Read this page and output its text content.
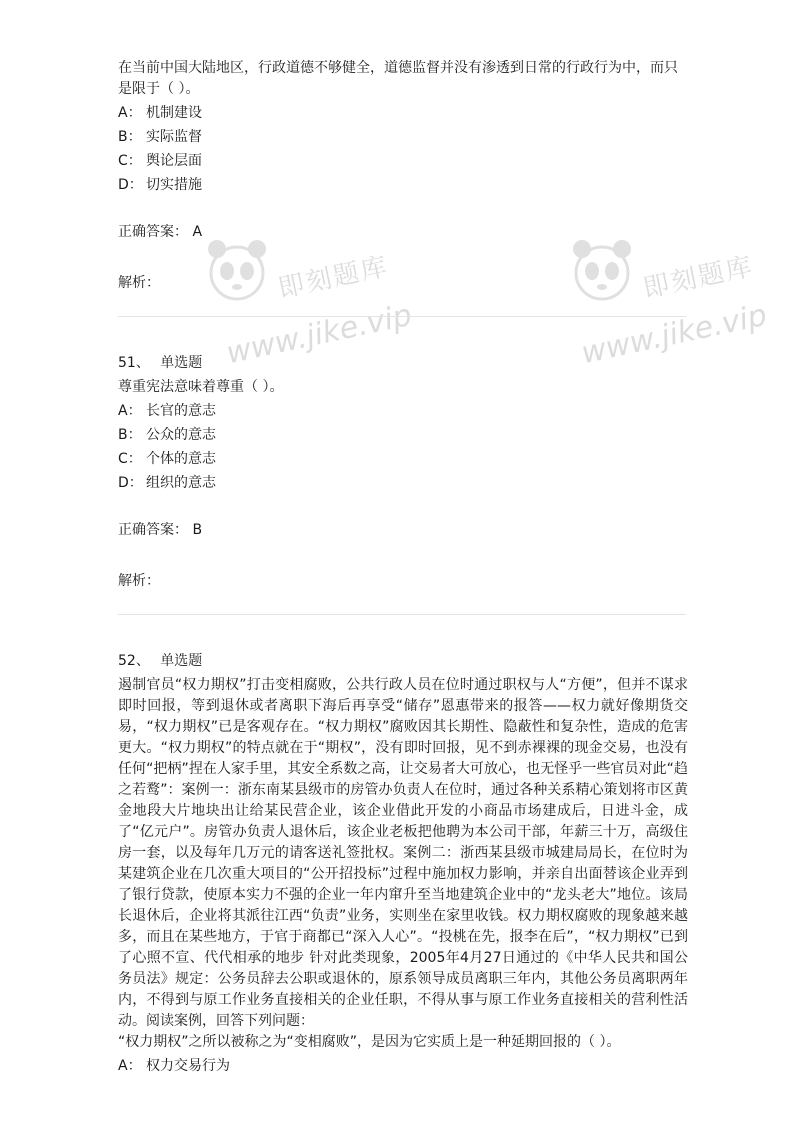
即刻题库
www.jike.vip
即刻题库
www.jike.vip

在当前中国大陆地区，行政道德不够健全，道德监督并没有渗透到日常的行政行为中，而只是限于（ ）。

A： 机制建设
B： 实际监督
C： 舆论层面
D： 切实措施
正确答案： A
解析：
51、 单选题

尊重宪法意味着尊重（ ）。

A： 长官的意志
B： 公众的意志
C： 个体的意志
D： 组织的意志
正确答案： B
解析：
52、 单选题

遏制官员“权力期权”打击变相腐败，公共行政人员在位时通过职权与人“方便”，但并不谋求即时回报，等到退休或者离职下海后再享受“储存”恩惠带来的报答——权力就好像期货交易，“权力期权”已是客观存在。“权力期权”腐败因其长期性、隐蔽性和复杂性，造成的危害更大。“权力期权”的特点就在于“期权”，没有即时回报，见不到赤裸裸的现金交易，也没有任何“把柄”捏在人家手里，其安全系数之高，让交易者大可放心，也无怪乎一些官员对此“趋之若鹜”：案例一：浙东南某县级市的房管办负责人在位时，通过各种关系精心策划将市区黄金地段大片地块出让给某民营企业，该企业借此开发的小商品市场建成后，日进斗金，成了“亿元户”。房管办负责人退休后，该企业老板把他聘为本公司干部，年薪三十万，高级住房一套，以及每年几万元的请客送礼签批权。案例二：浙西某县级市城建局局长，在位时为某建筑企业在几次重大项目的“公开招投标”过程中施加权力影响，并亲自出面替该企业弄到了银行贷款，使原本实力不强的企业一年内窜升至当地建筑企业中的“龙头老大”地位。该局长退休后，企业将其派往江西“负责”业务，实则坐在家里收钱。权力期权腐败的现象越来越多，而且在某些地方，于官于商都已“深入人心”。“投桃在先，报李在后”，“权力期权”已到了心照不宣、代代相承的地步 针对此类现象，2005年4月27日通过的《中华人民共和国公务员法》规定：公务员辞去公职或退休的，原系领导成员离职三年内，其他公务员离职两年内，不得到与原工作业务直接相关的企业任职，不得从事与原工作业务直接相关的营利性活动。阅读案例，回答下列问题：

“权力期权”之所以被称之为“变相腐败”，是因为它实质上是一种延期回报的（ ）。

A： 权力交易行为
